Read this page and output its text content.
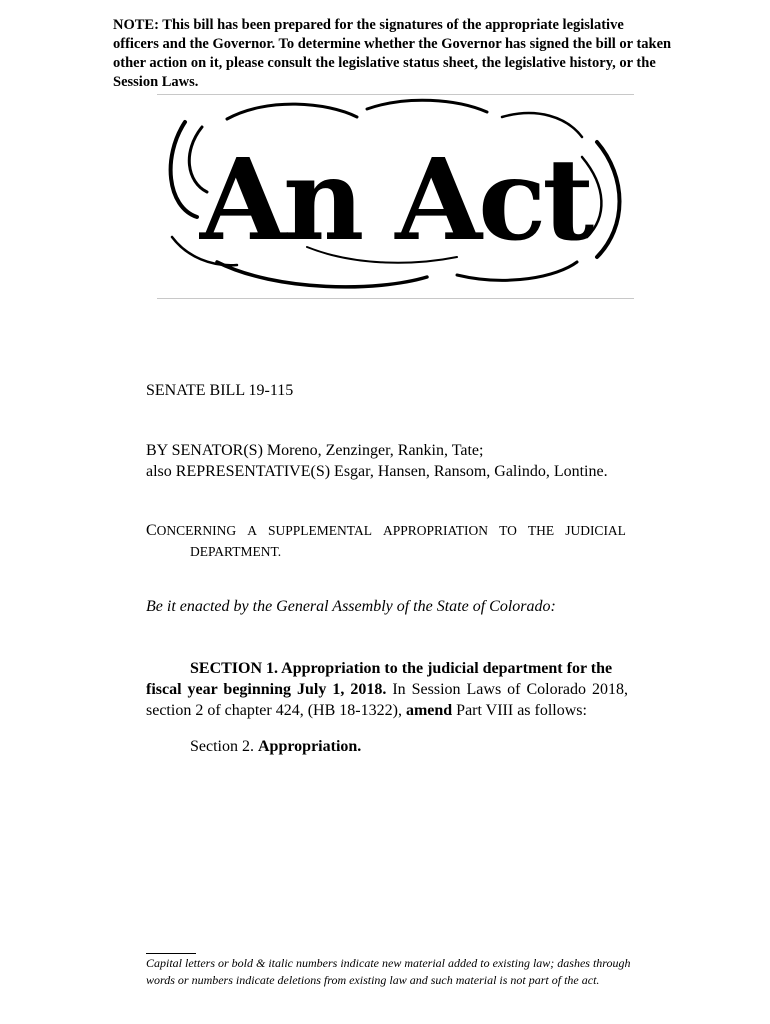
NOTE: This bill has been prepared for the signatures of the appropriate legislative officers and the Governor. To determine whether the Governor has signed the bill or taken other action on it, please consult the legislative status sheet, the legislative history, or the Session Laws.
An Act
SENATE BILL 19-115
BY SENATOR(S) Moreno, Zenzinger, Rankin, Tate;
also REPRESENTATIVE(S) Esgar, Hansen, Ransom, Galindo, Lontine.
CONCERNING A SUPPLEMENTAL APPROPRIATION TO THE JUDICIAL
DEPARTMENT.
Be it enacted by the General Assembly of the State of Colorado:
SECTION 1. Appropriation to the judicial department for the
fiscal year beginning July 1, 2018. In Session Laws of Colorado 2018, section 2 of chapter 424, (HB 18-1322), amend Part VIII as follows:
Section 2. Appropriation.
Capital letters or bold & italic numbers indicate new material added to existing law; dashes through words or numbers indicate deletions from existing law and such material is not part of the act.
